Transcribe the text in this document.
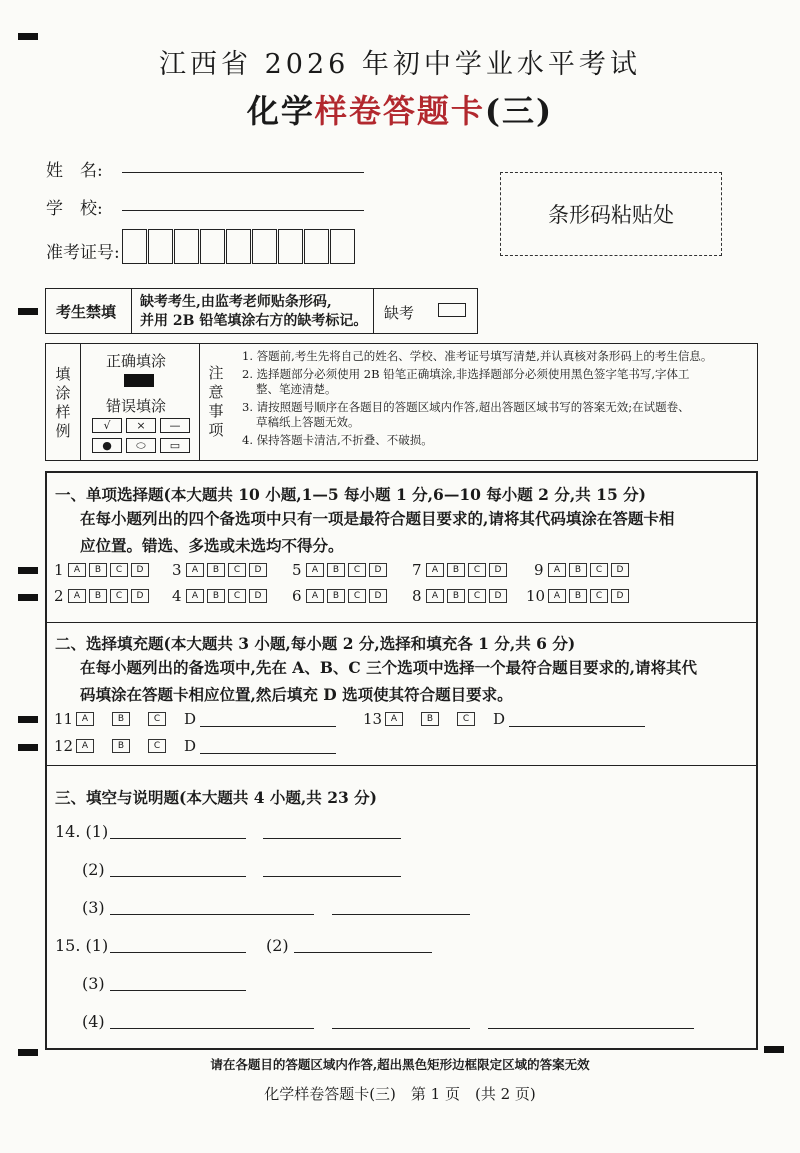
江西省 2026 年初中学业水平考试
化学样卷答题卡(三)
姓　名:
学　校:
准考证号:
条形码粘贴处
考生禁填
缺考考生,由监考老师贴条形码,
并用 2B 铅笔填涂右方的缺考标记。 缺考
填涂样例
正确填涂
错误填涂
√	×	—
●	⬭	▭
注意事项
1. 答题前,考生先将自己的姓名、学校、准考证号填写清楚,并认真核对条形码上的考生信息。
2. 选择题部分必须使用 2B 铅笔正确填涂,非选择题部分必须使用黑色签字笔书写,字体工
整、笔迹清楚。
3. 请按照题号顺序在各题目的答题区域内作答,超出答题区域书写的答案无效;在试题卷、
草稿纸上答题无效。
4. 保持答题卡清洁,不折叠、不破损。
一、单项选择题(本大题共 10 小题,1—5 每小题 1 分,6—10 每小题 2 分,共 15 分)
在每小题列出的四个备选项中只有一项是最符合题目要求的,请将其代码填涂在答题卡相
应位置。错选、多选或未选均不得分。
1	A	B	C	D	3	A	B	C	D	5	A	B	C	D	7	A	B	C	D	9	A	B	C	D
2	A	B	C	D	4	A	B	C	D	6	A	B	C	D	8	A	B	C	D	10 A	B	C	D
二、选择填充题(本大题共 3 小题,每小题 2 分,选择和填充各 1 分,共 6 分)
在每小题列出的备选项中,先在 A、B、C 三个选项中选择一个最符合题目要求的,请将其代
码填涂在答题卡相应位置,然后填充 D 选项使其符合题目要求。
11 A	B	C	D	13 A	B	C	D
12 A	B	C	D
三、填空与说明题(本大题共 4 小题,共 23 分)
14. (1)
(2)
(3)
15. (1)	(2)
(3)
(4)
请在各题目的答题区域内作答,超出黑色矩形边框限定区域的答案无效
化学样卷答题卡(三)　第 1 页　(共 2 页)
